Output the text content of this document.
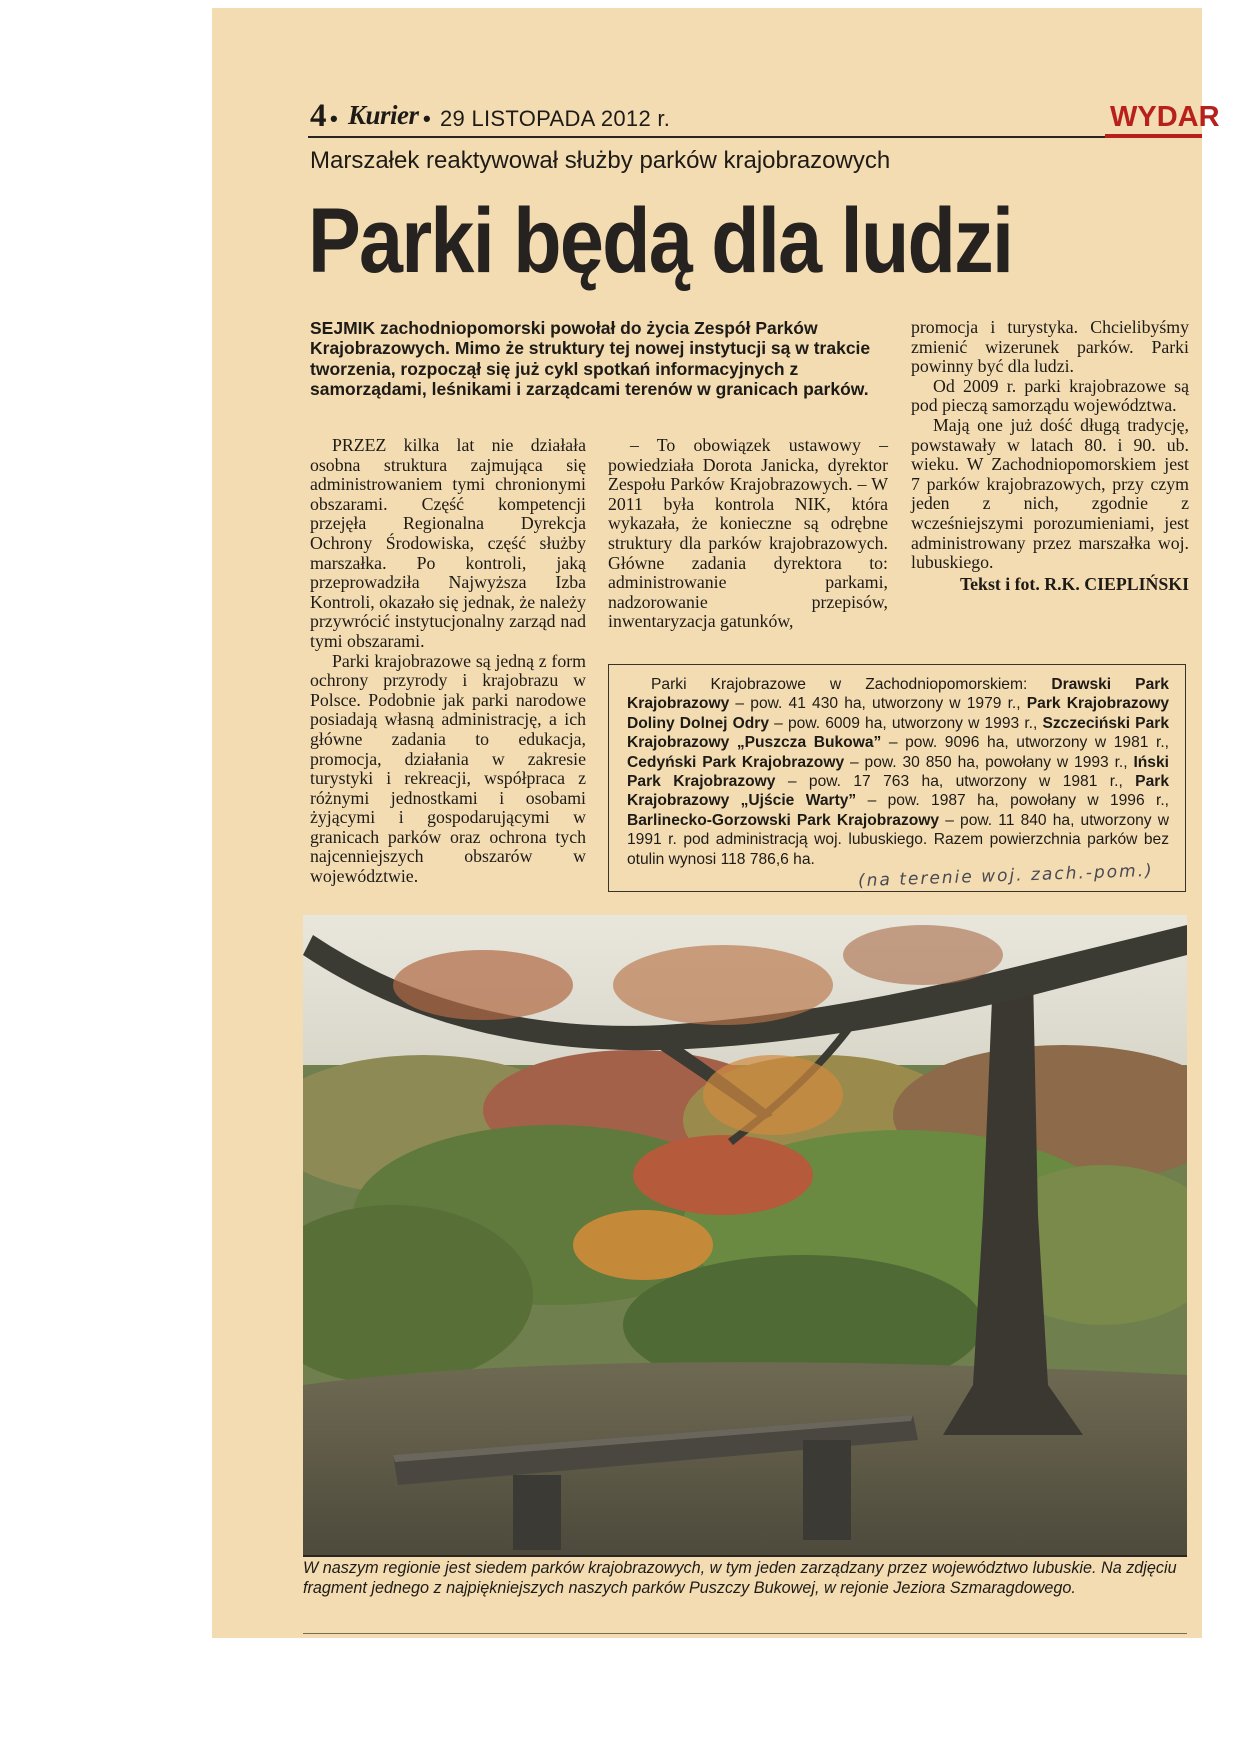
4 • Kurier • 29 LISTOPADA 2012 r.	WYDAR
Marszałek reaktywował służby parków krajobrazowych
Parki będą dla ludzi
SEJMIK zachodniopomorski powołał do życia Zespół Parków Krajobrazowych. Mimo że struktury tej nowej instytucji są w trakcie tworzenia, rozpoczął się już cykl spotkań informacyjnych z samorządami, leśnikami i zarządcami terenów w granicach parków.

PRZEZ kilka lat nie działała osobna struktura zajmująca się administrowaniem tymi chronionymi obszarami. Część kompetencji przejęła Regionalna Dyrekcja Ochrony Środowiska, część służby marszałka. Po kontroli, jaką przeprowadziła Najwyższa Izba Kontroli, okazało się jednak, że należy przywrócić instytucjonalny zarząd nad tymi obszarami.

Parki krajobrazowe są jedną z form ochrony przyrody i krajobrazu w Polsce. Podobnie jak parki narodowe posiadają własną administrację, a ich główne zadania to edukacja, promocja, działania w zakresie turystyki i rekreacji, współpraca z różnymi jednostkami i osobami żyjącymi i gospodarującymi w granicach parków oraz ochrona tych najcenniejszych obszarów w województwie.

– To obowiązek ustawowy – powiedziała Dorota Janicka, dyrektor Zespołu Parków Krajobrazowych. – W 2011 była kontrola NIK, która wykazała, że konieczne są odrębne struktury dla parków krajobrazowych. Główne zadania dyrektora to: administrowanie parkami, nadzorowanie przepisów, inwentaryzacja gatunków,

promocja i turystyka. Chcielibyśmy zmienić wizerunek parków. Parki powinny być dla ludzi.

Od 2009 r. parki krajobrazowe są pod pieczą samorządu województwa.

Mają one już dość długą tradycję, powstawały w latach 80. i 90. ub. wieku. W Zachodniopomorskiem jest 7 parków krajobrazowych, przy czym jeden z nich, zgodnie z wcześniejszymi porozumieniami, jest administrowany przez marszałka woj. lubuskiego.

Tekst i fot. R.K. CIEPLIŃSKI

Parki Krajobrazowe w Zachodniopomorskiem: Drawski Park Krajobrazowy – pow. 41 430 ha, utworzony w 1979 r., Park Krajobrazowy Doliny Dolnej Odry – pow. 6009 ha, utworzony w 1993 r., Szczeciński Park Krajobrazowy „Puszcza Bukowa” – pow. 9096 ha, utworzony w 1981 r., Cedyński Park Krajobrazowy – pow. 30 850 ha, powołany w 1993 r., Iński Park Krajobrazowy – pow. 17 763 ha, utworzony w 1981 r., Park Krajobrazowy „Ujście Warty” – pow. 1987 ha, powołany w 1996 r., Barlinecko-Gorzowski Park Krajobrazowy – pow. 11 840 ha, utworzony w 1991 r. pod administracją woj. lubuskiego. Razem powierzchnia parków bez otulin wynosi 118 786,6 ha.

(na terenie woj. zach.-pom.)
W naszym regionie jest siedem parków krajobrazowych, w tym jeden zarządzany przez województwo lubuskie. Na zdjęciu fragment jednego z najpiękniejszych naszych parków Puszczy Bukowej, w rejonie Jeziora Szmaragdowego.
